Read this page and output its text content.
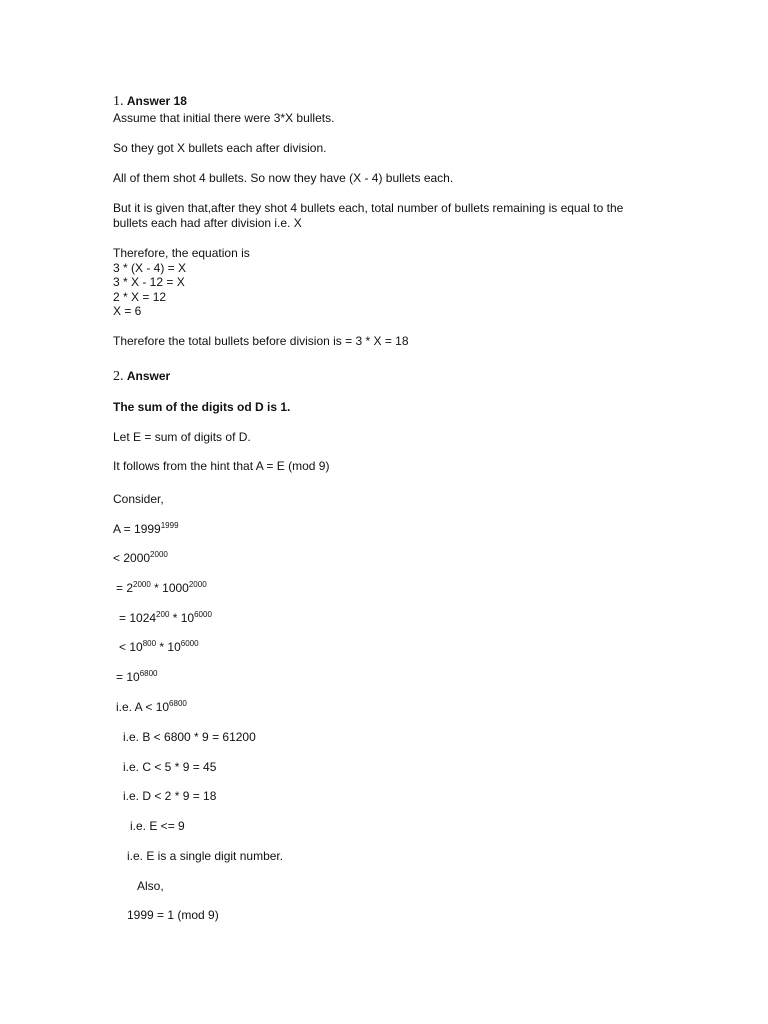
1. Answer 18
Assume that initial there were 3*X bullets.
So they got X bullets each after division.
All of them shot 4 bullets. So now they have (X - 4) bullets each.
But it is given that,after they shot 4 bullets each, total number of bullets remaining is equal to the
bullets each had after division i.e. X
Therefore, the equation is
3 * (X - 4) = X
3 * X - 12 = X
2 * X = 12
X = 6
Therefore the total bullets before division is = 3 * X = 18
2. Answer
The sum of the digits od D is 1.
Let E = sum of digits of D.
It follows from the hint that A = E (mod 9)
Consider,
$A = 1999^{1999}$
< $2000^{2000}$
= $2^{2000} * 1000^{2000}$
= $1024^{200} * 10^{6000}$
< $10^{800} * 10^{6000}$
= $10^{6800}$
i.e. $A < 10^{6800}$
i.e. B < 6800 * 9 = 61200
i.e. C < 5 * 9 = 45
i.e. D < 2 * 9 = 18
i.e. E <= 9
i.e. E is a single digit number.
Also,
1999 = 1 (mod 9)
